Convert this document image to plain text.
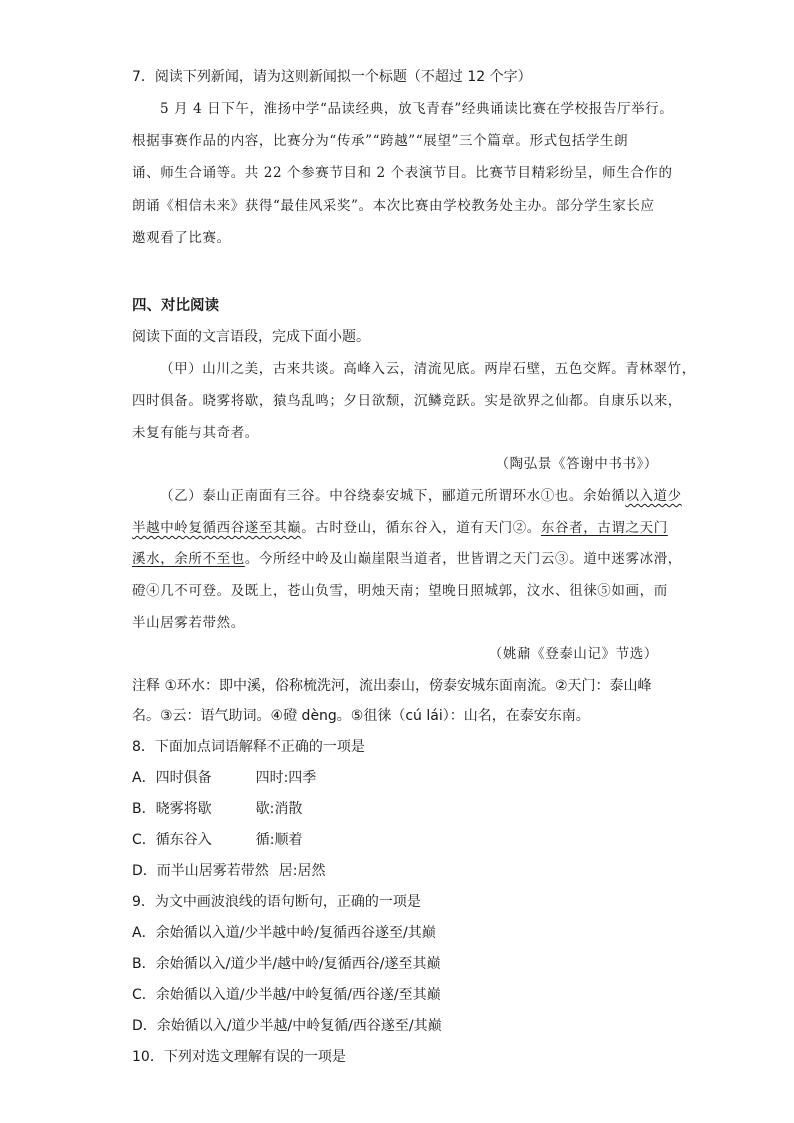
7．阅读下列新闻，请为这则新闻拟一个标题（不超过 12 个字）
5 月 4 日下午，淮扬中学“品读经典，放飞青春”经典诵读比赛在学校报告厅举行。
根据事赛作品的内容，比赛分为“传承”“跨越”“展望”三个篇章。形式包括学生朗
诵、师生合诵等。共 22 个参赛节目和 2 个表演节目。比赛节目精彩纷呈，师生合作的
朗诵《相信未来》获得“最佳风采奖”。本次比赛由学校教务处主办。部分学生家长应
邀观看了比赛。
四、对比阅读
阅读下面的文言语段，完成下面小题。
（甲）山川之美，古来共谈。高峰入云，清流见底。两岸石壁，五色交辉。青林翠竹，
四时俱备。晓雾将歇，猿鸟乱鸣；夕日欲颓，沉鳞竞跃。实是欲界之仙都。自康乐以来，
未复有能与其奇者。
（陶弘景《答谢中书书》）
（乙）泰山正南面有三谷。中谷绕泰安城下，郦道元所谓环水①也。余始循以入道少
半越中岭复循西谷遂至其巅。古时登山，循东谷入，道有天门②。东谷者，古谓之天门
溪水，余所不至也。今所经中岭及山巅崖限当道者，世皆谓之天门云③。道中迷雾冰滑，
磴④几不可登。及既上，苍山负雪，明烛天南；望晚日照城郭，汶水、徂徕⑤如画，而
半山居雾若带然。
（姚鼐《登泰山记》节选）
注释 ①环水：即中溪，俗称梳洗河，流出泰山，傍泰安城东面南流。②天门：泰山峰
名。③云：语气助词。④磴 dèng。⑤徂徕（cú lái）：山名，在泰安东南。
8．下面加点词语解释不正确的一项是
A．四时俱备	四时:四季
B．晓雾将歇	歇:消散
C．循东谷入	循:顺着
D．而半山居雾若带然 居:居然
9．为文中画波浪线的语句断句，正确的一项是
A．余始循以入道/少半越中岭/复循西谷遂至/其巅
B．余始循以入/道少半/越中岭/复循西谷/遂至其巅
C．余始循以入道/少半越/中岭复循/西谷遂/至其巅
D．余始循以入/道少半越/中岭复循/西谷遂至/其巅
10．下列对选文理解有误的一项是
